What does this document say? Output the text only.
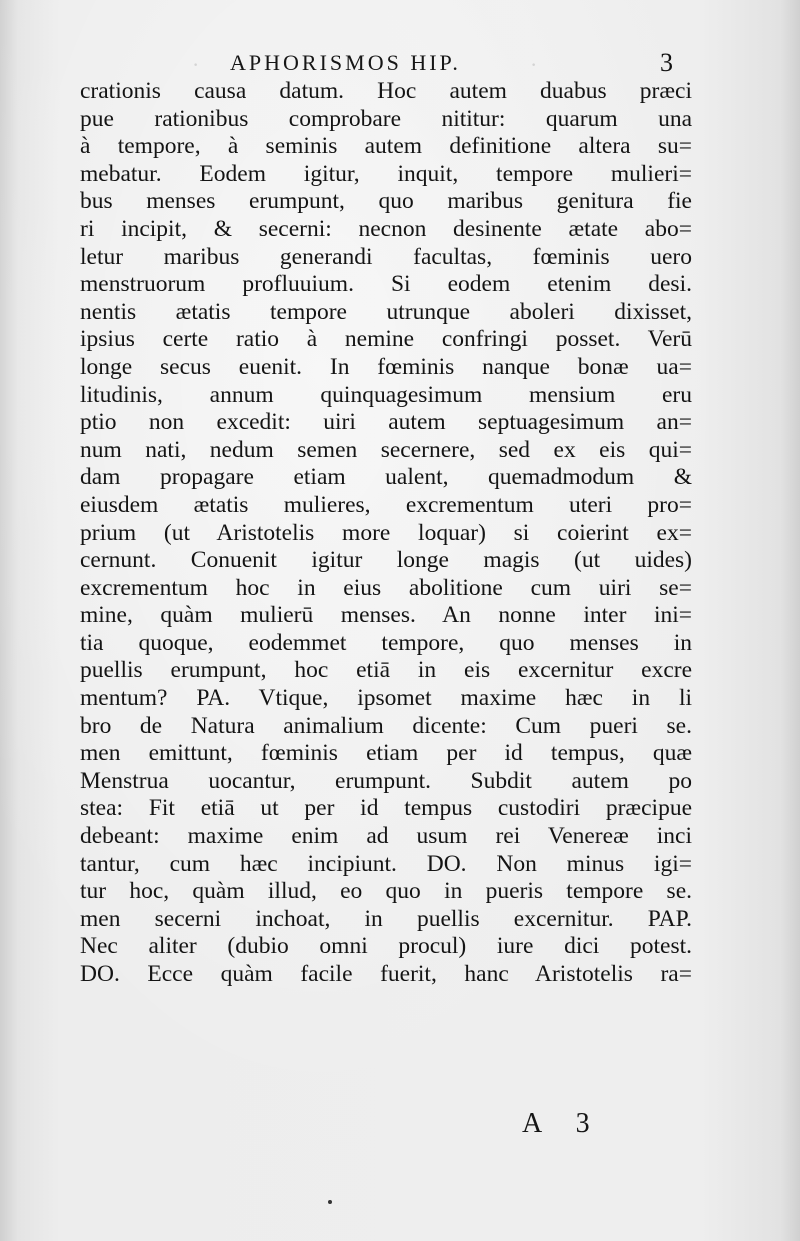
·	·
APHORISMOS HIP.	3
crationis causa datum. Hoc autem duabus præci
pue rationibus comprobare nititur: quarum una
à tempore, à seminis autem definitione altera su=
mebatur. Eodem igitur, inquit, tempore mulieri=
bus menses erumpunt, quo maribus genitura fie
ri incipit, & secerni: necnon desinente ætate abo=
letur maribus generandi facultas, fœminis uero
menstruorum profluuium. Si eodem etenim desi.
nentis ætatis tempore utrunque aboleri dixisset,
ipsius certe ratio à nemine confringi posset. Verū
longe secus euenit. In fœminis nanque bonæ ua=
litudinis, annum quinquagesimum mensium eru
ptio non excedit: uiri autem septuagesimum an=
num nati, nedum semen secernere, sed ex eis qui=
dam propagare etiam ualent, quemadmodum &
eiusdem ætatis mulieres, excrementum uteri pro=
prium (ut Aristotelis more loquar) si coierint ex=
cernunt. Conuenit igitur longe magis (ut uides)
excrementum hoc in eius abolitione cum uiri se=
mine, quàm mulierū menses. An nonne inter ini=
tia quoque, eodemmet tempore, quo menses in
puellis erumpunt, hoc etiā in eis excernitur excre
mentum? PA. Vtique, ipsomet maxime hæc in li
bro de Natura animalium dicente: Cum pueri se.
men emittunt, fœminis etiam per id tempus, quæ
Menstrua uocantur, erumpunt. Subdit autem po
stea: Fit etiā ut per id tempus custodiri præcipue
debeant: maxime enim ad usum rei Venereæ inci
tantur, cum hæc incipiunt. DO. Non minus igi=
tur hoc, quàm illud, eo quo in pueris tempore se.
men secerni inchoat, in puellis excernitur. PAP.
Nec aliter (dubio omni procul) iure dici potest.
DO. Ecce quàm facile fuerit, hanc Aristotelis ra=
A 3
